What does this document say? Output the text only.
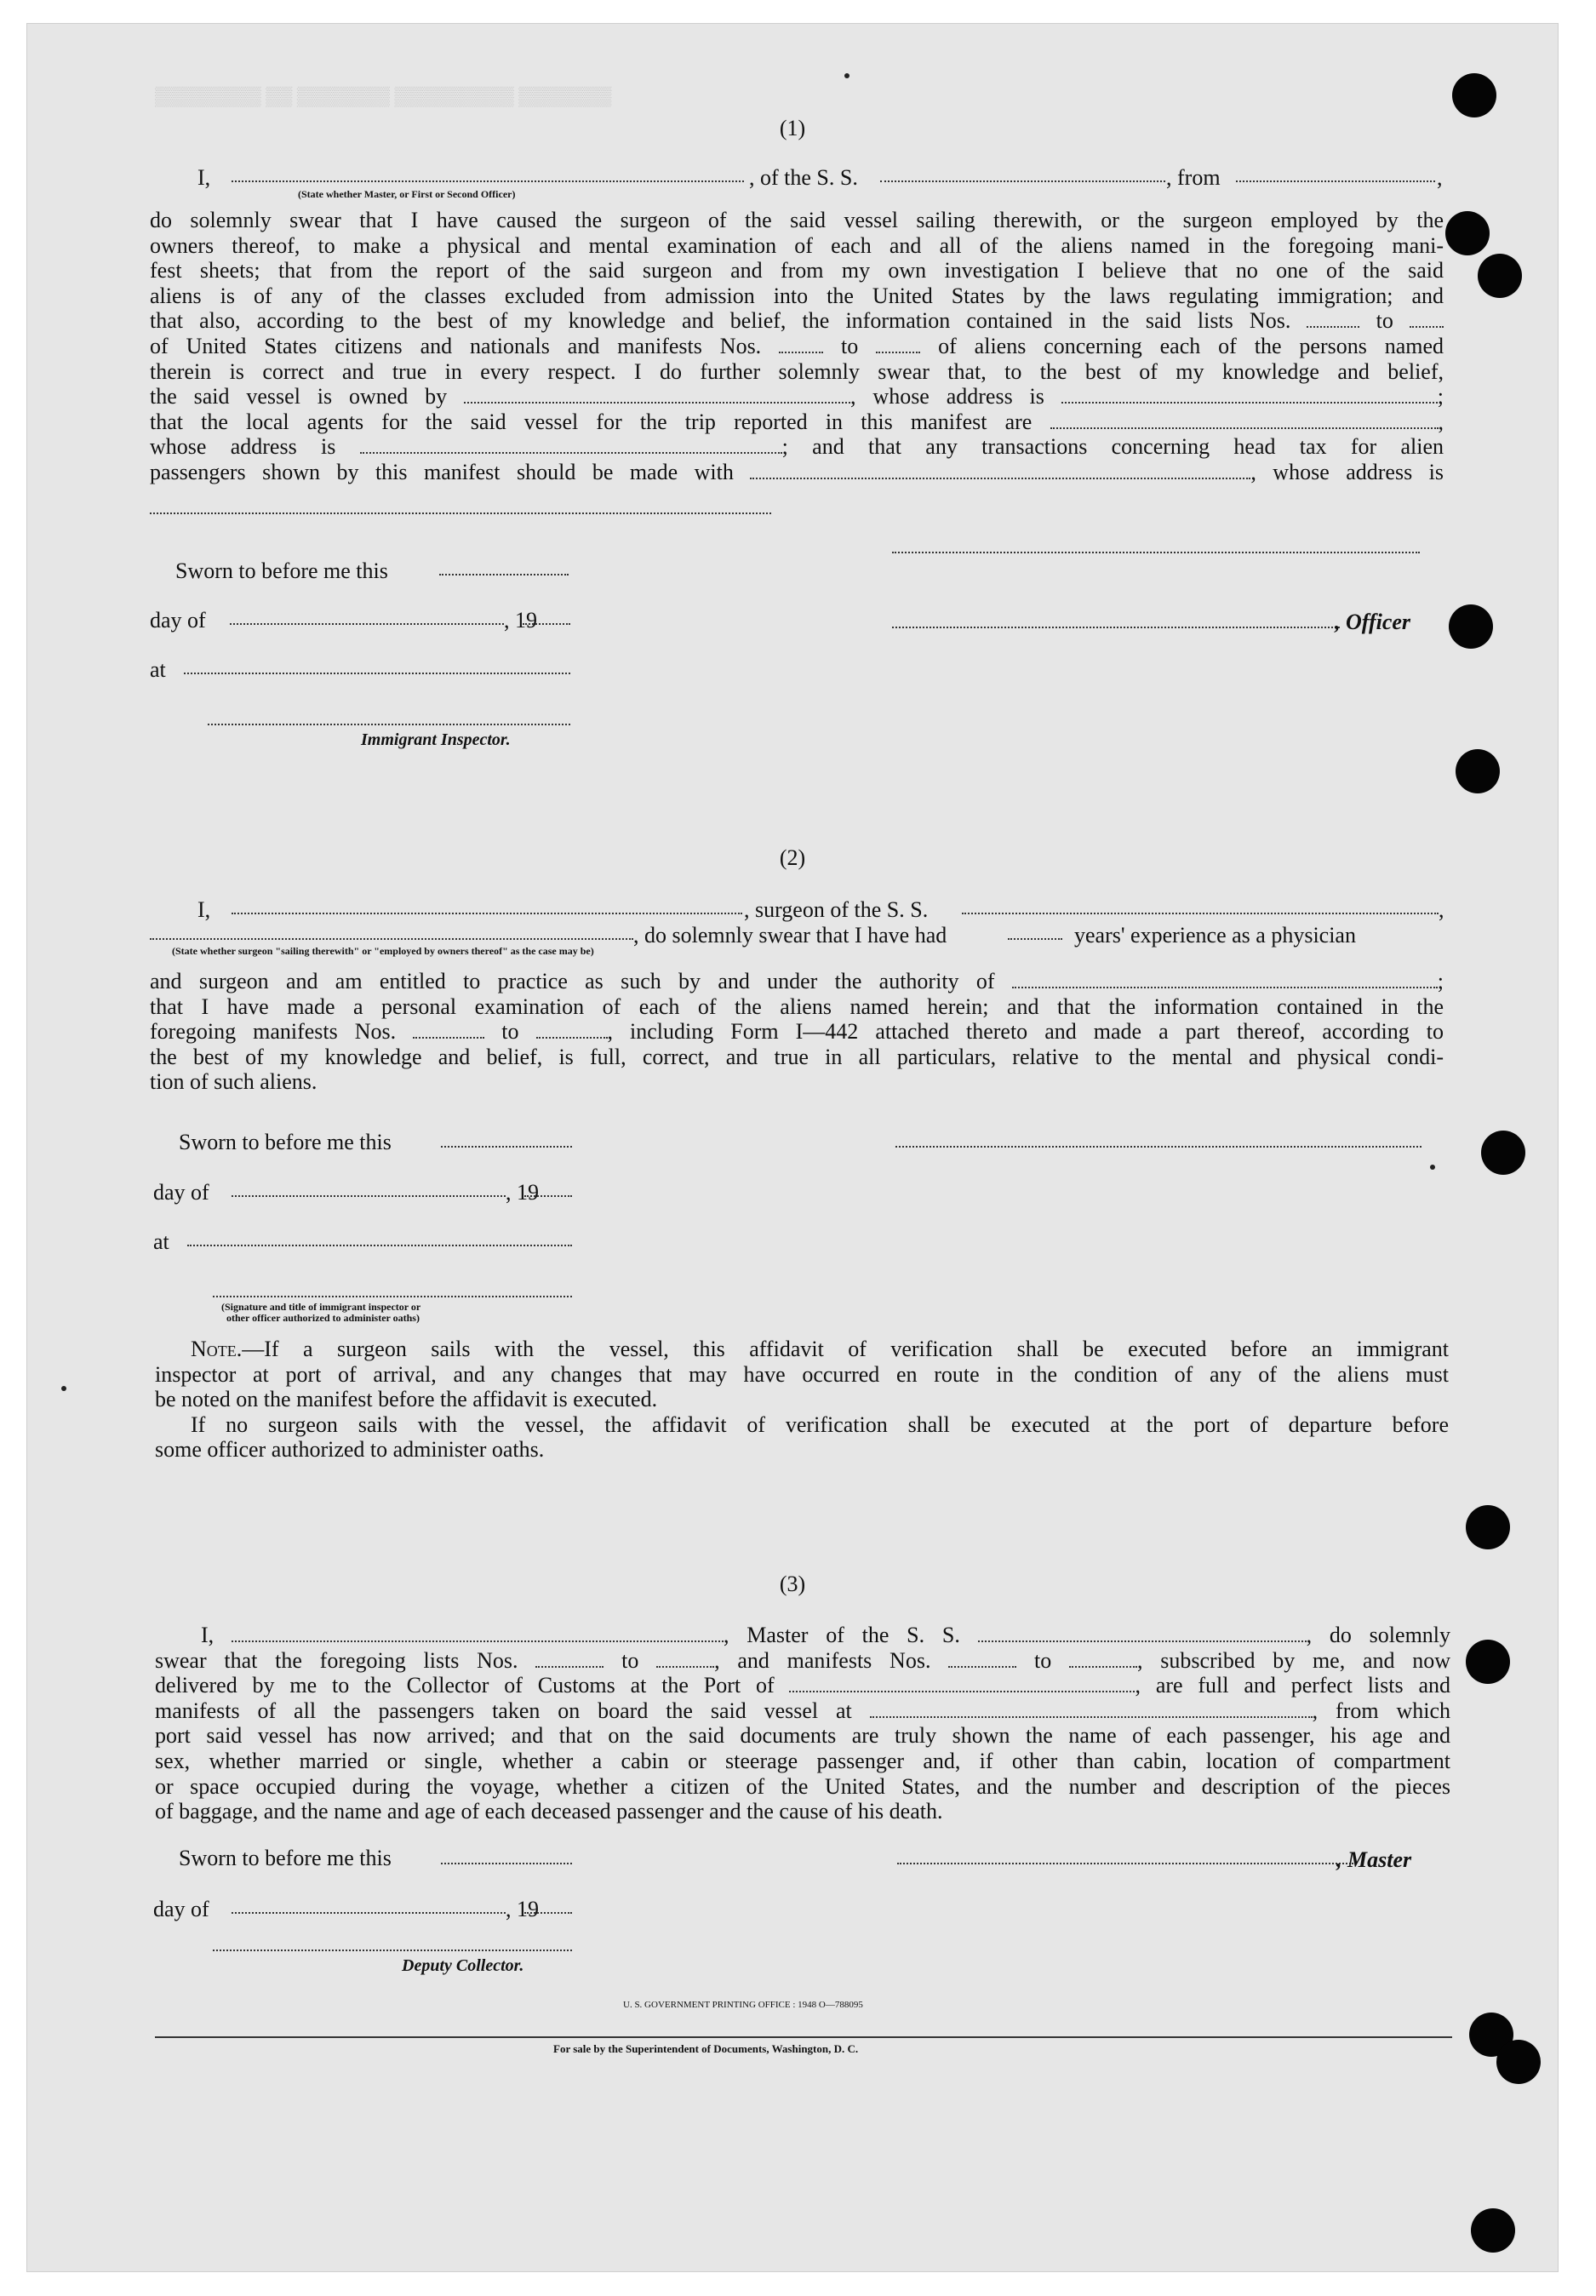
▒▒▒▒▒▒▒▒ ▒▒ ▒▒▒▒▒▒▒ ▒▒▒▒▒▒▒▒▒ ▒▒▒▒▒▒▒
(1)
I,	, of the S. S.	, from	,
(State whether Master, or First or Second Officer)
do solemnly swear that I have caused the surgeon of the said vessel sailing therewith, or the surgeon employed by the
owners thereof, to make a physical and mental examination of each and all of the aliens named in the foregoing mani-
fest sheets; that from the report of the said surgeon and from my own investigation I believe that no one of the said
aliens is of any of the classes excluded from admission into the United States by the laws regulating immigration; and
that also, according to the best of my knowledge and belief, the information contained in the said lists Nos.	to
of United States citizens and nationals and manifests Nos.	to	of aliens concerning each of the persons named
therein is correct and true in every respect. I do further solemnly swear that, to the best of my knowledge and belief,
the said vessel is owned by	, whose address is	;
that the local agents for the said vessel for the trip reported in this manifest are	,
whose address is	; and that any transactions concerning head tax for alien
passengers shown by this manifest should be made with	, whose address is
Sworn to before me this
day of	, 19
at
Immigrant Inspector.
, Officer
(2)
I,	, surgeon of the S. S.	,
, do solemnly swear that I have had	years' experience as a physician
(State whether surgeon "sailing therewith" or "employed by owners thereof" as the case may be)
and surgeon and am entitled to practice as such by and under the authority of	;
that I have made a personal examination of each of the aliens named herein; and that the information contained in the
foregoing manifests Nos.	to	, including Form I—442 attached thereto and made a part thereof, according to
the best of my knowledge and belief, is full, correct, and true in all particulars, relative to the mental and physical condi-
tion of such aliens.
Sworn to before me this
day of	, 19
at
(Signature and title of immigrant inspector or
other officer authorized to administer oaths)
Note.—If a surgeon sails with the vessel, this affidavit of verification shall be executed before an immigrant
inspector at port of arrival, and any changes that may have occurred en route in the condition of any of the aliens must
be noted on the manifest before the affidavit is executed.
If no surgeon sails with the vessel, the affidavit of verification shall be executed at the port of departure before
some officer authorized to administer oaths.
(3)
I,	, Master of the S. S.	, do solemnly
swear that the foregoing lists Nos.	to	, and manifests Nos.	to	, subscribed by me, and now
delivered by me to the Collector of Customs at the Port of	, are full and perfect lists and
manifests of all the passengers taken on board the said vessel at	, from which
port said vessel has now arrived; and that on the said documents are truly shown the name of each passenger, his age and
sex, whether married or single, whether a cabin or steerage passenger and, if other than cabin, location of compartment
or space occupied during the voyage, whether a citizen of the United States, and the number and description of the pieces
of baggage, and the name and age of each deceased passenger and the cause of his death.
Sworn to before me this	, Master
day of	, 19
Deputy Collector.
U. S. GOVERNMENT PRINTING OFFICE : 1948 O—788095
For sale by the Superintendent of Documents, Washington, D. C.
